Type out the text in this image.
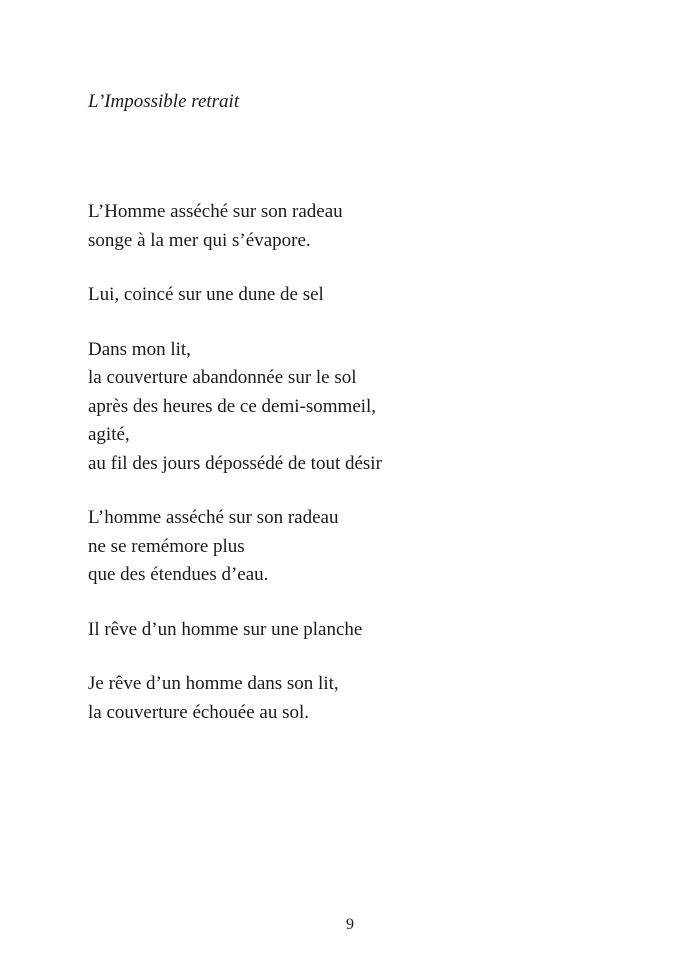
L’Impossible retrait
L’Homme asséché sur son radeau
songe à la mer qui s’évapore.
Lui, coincé sur une dune de sel
Dans mon lit,
la couverture abandonnée sur le sol
après des heures de ce demi-sommeil,
agité,
au fil des jours dépossédé de tout désir
L’homme asséché sur son radeau
ne se remémore plus
que des étendues d’eau.
Il rêve d’un homme sur une planche
Je rêve d’un homme dans son lit,
la couverture échouée au sol.
9
